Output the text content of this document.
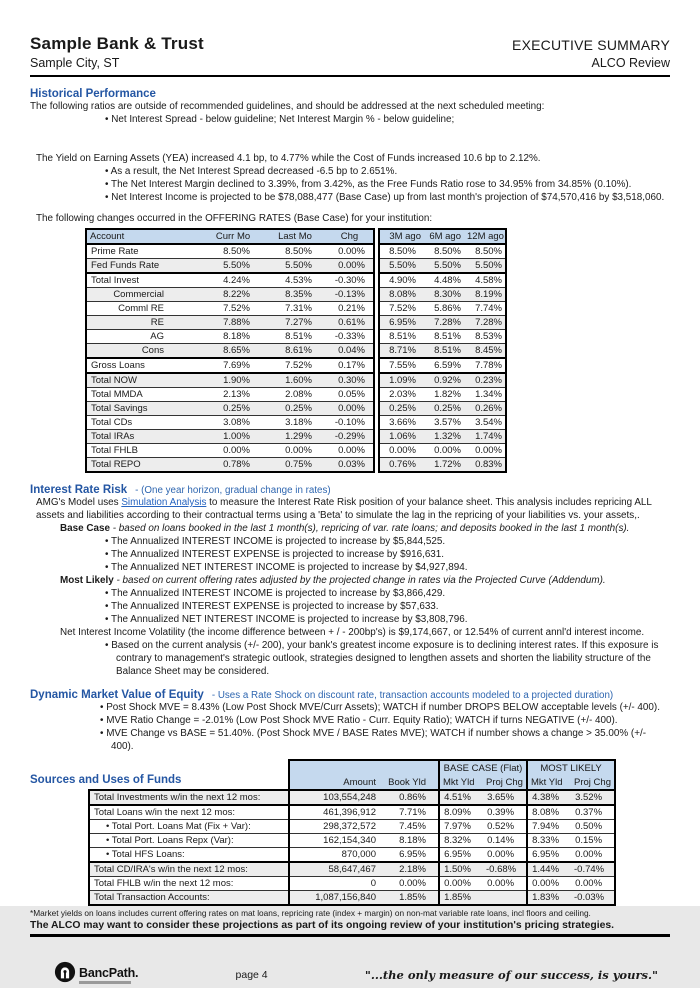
Sample Bank & Trust
Sample City, ST
EXECUTIVE SUMMARY
ALCO Review
Historical Performance
The following ratios are outside of recommended guidelines, and should be addressed at the next scheduled meeting:
• Net Interest Spread - below guideline; Net Interest Margin % - below guideline;
The Yield on Earning Assets (YEA) increased 4.1 bp, to 4.77% while the Cost of Funds increased 10.6 bp to 2.12%.
• As a result, the Net Interest Spread decreased -6.5 bp to 2.651%.
• The Net Interest Margin declined to 3.39%, from 3.42%, as the Free Funds Ratio rose to 34.95% from 34.85% (0.10%).
• Net Interest Income is projected to be $78,088,477 (Base Case) up from last month's projection of $74,570,416 by $3,518,060.
The following changes occurred in the OFFERING RATES (Base Case) for your institution:
Account	Curr Mo	Last Mo	Chg		3M ago	6M ago	12M ago
Prime Rate	8.50%	8.50%	0.00%		8.50%	8.50%	8.50%
Fed Funds Rate	5.50%	5.50%	0.00%		5.50%	5.50%	5.50%
Total Invest	4.24%	4.53%	-0.30%		4.90%	4.48%	4.58%
Commercial	8.22%	8.35%	-0.13%		8.08%	8.30%	8.19%
Comml RE	7.52%	7.31%	0.21%		7.52%	5.86%	7.74%
RE	7.88%	7.27%	0.61%		6.95%	7.28%	7.28%
AG	8.18%	8.51%	-0.33%		8.51%	8.51%	8.53%
Cons	8.65%	8.61%	0.04%		8.71%	8.51%	8.45%
Gross Loans	7.69%	7.52%	0.17%		7.55%	6.59%	7.78%
Total NOW	1.90%	1.60%	0.30%		1.09%	0.92%	0.23%
Total MMDA	2.13%	2.08%	0.05%		2.03%	1.82%	1.34%
Total Savings	0.25%	0.25%	0.00%		0.25%	0.25%	0.26%
Total CDs	3.08%	3.18%	-0.10%		3.66%	3.57%	3.54%
Total IRAs	1.00%	1.29%	-0.29%		1.06%	1.32%	1.74%
Total FHLB	0.00%	0.00%	0.00%		0.00%	0.00%	0.00%
Total REPO	0.78%	0.75%	0.03%		0.76%	1.72%	0.83%
Interest Rate Risk - (One year horizon, gradual change in rates)
AMG's Model uses Simulation Analysis to measure the Interest Rate Risk position of your balance sheet. This analysis includes repricing ALL assets and liabilities according to their contractual terms using a 'Beta' to simulate the lag in the repricing of your liabilities vs. your assets,.
Base Case - based on loans booked in the last 1 month(s), repricing of var. rate loans; and deposits booked in the last 1 month(s).
• The Annualized INTEREST INCOME is projected to increase by $5,844,525.
• The Annualized INTEREST EXPENSE is projected to increase by $916,631.
• The Annualized NET INTEREST INCOME is projected to increase by $4,927,894.
Most Likely - based on current offering rates adjusted by the projected change in rates via the Projected Curve (Addendum).
• The Annualized INTEREST INCOME is projected to increase by $3,866,429.
• The Annualized INTEREST EXPENSE is projected to increase by $57,633.
• The Annualized NET INTEREST INCOME is projected to increase by $3,808,796.
Net Interest Income Volatility (the income difference between + / - 200bp's) is $9,174,667, or 12.54% of current annl'd interest income.
• Based on the current analysis (+/- 200), your bank's greatest income exposure is to declining interest rates. If this exposure is contrary to management's strategic outlook, strategies designed to lengthen assets and shorten the liability structure of the Balance Sheet may be considered.
Dynamic Market Value of Equity - Uses a Rate Shock on discount rate, transaction accounts modeled to a projected duration)
• Post Shock MVE = 8.43% (Low Post Shock MVE/Curr Assets); WATCH if number DROPS BELOW acceptable levels (+/- 400).
• MVE Ratio Change = -2.01% (Low Post Shock MVE Ratio - Curr. Equity Ratio); WATCH if turns NEGATIVE (+/- 400).
• MVE Change vs BASE = 51.40%. (Post Shock MVE / BASE Rates MVE); WATCH if number shows a change > 35.00% (+/- 400).
Sources and Uses of Funds
			BASE CASE (Flat)		MOST LIKELY	
	Amount	Book Yld	Mkt Yld	Proj Chg	Mkt Yld	Proj Chg
Total Investments w/in the next 12 mos:	103,554,248	0.86%	4.51%	3.65%	4.38%	3.52%
Total Loans w/in the next 12 mos:	461,396,912	7.71%	8.09%	0.39%	8.08%	0.37%
• Total Port. Loans Mat (Fix + Var):	298,372,572	7.45%	7.97%	0.52%	7.94%	0.50%
• Total Port. Loans Repx (Var):	162,154,340	8.18%	8.32%	0.14%	8.33%	0.15%
• Total HFS Loans:	870,000	6.95%	6.95%	0.00%	6.95%	0.00%
Total CD/IRA's w/in the next 12 mos:	58,647,467	2.18%	1.50%	-0.68%	1.44%	-0.74%
Total FHLB w/in the next 12 mos:	0	0.00%	0.00%	0.00%	0.00%	0.00%
Total Transaction Accounts:	1,087,156,840	1.85%	1.85%		1.83%	-0.03%
*Market yields on loans includes current offering rates on mat loans, repricing rate (index + margin) on non-mat variable rate loans, incl floors and ceiling.
The ALCO may want to consider these projections as part of its ongoing review of your institution's pricing strategies.
BancPath.	page 4	"...the only measure of our success, is yours."
